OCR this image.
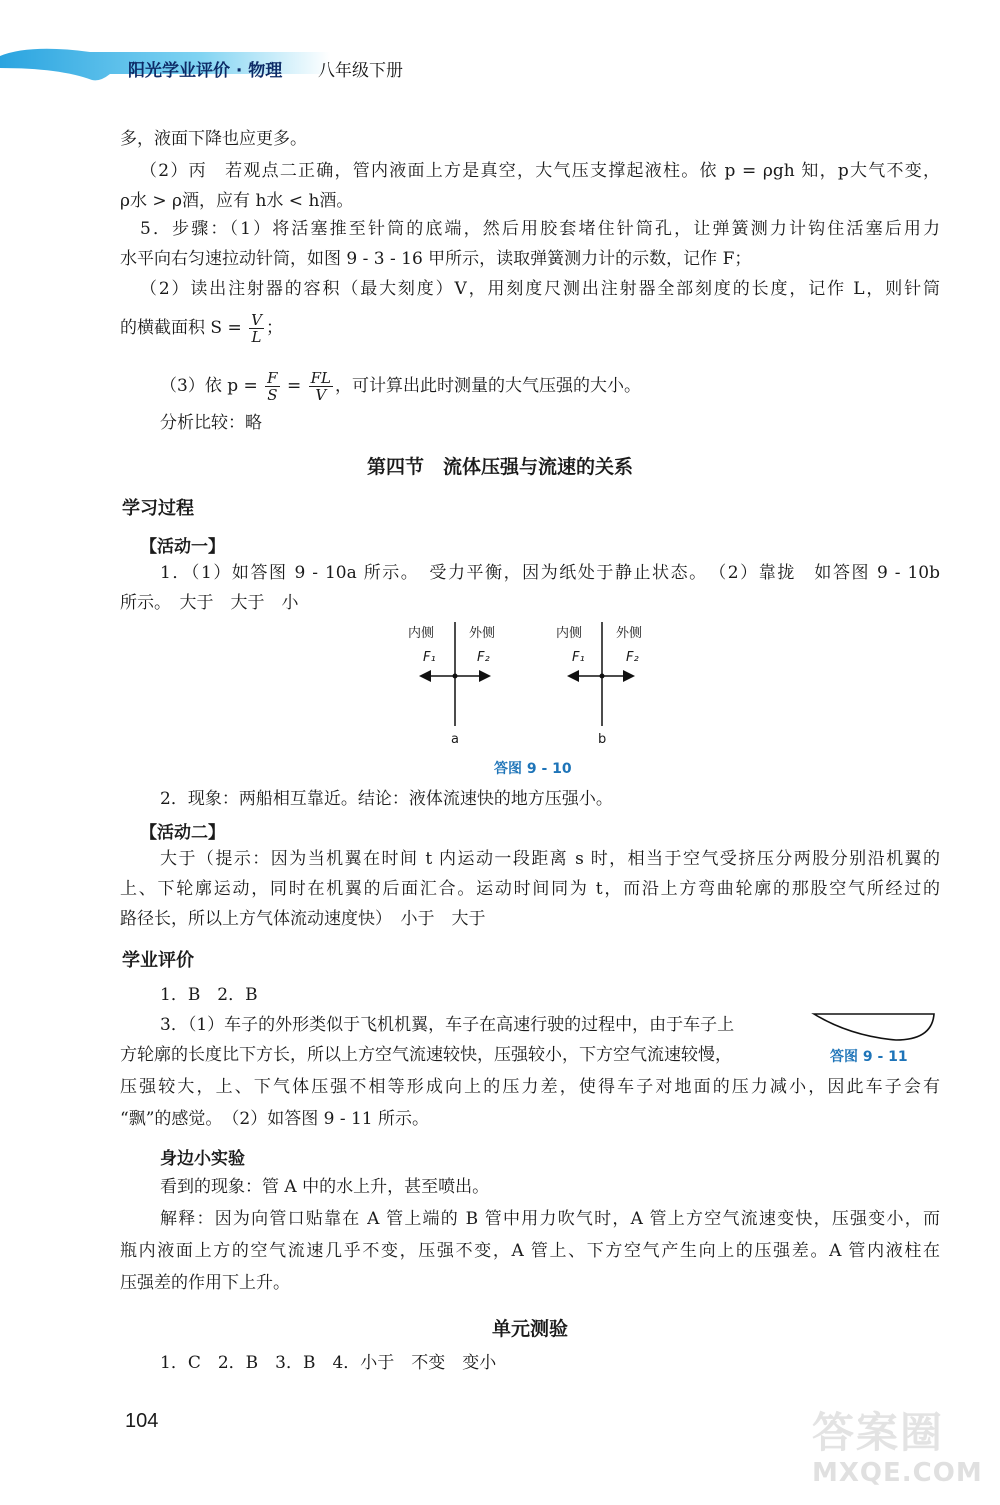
阳光学业评价 · 物理 八年级下册
多，液面下降也应更多。
（2）丙　若观点二正确，管内液面上方是真空，大气压支撑起液柱。依 p = ρgh 知，p大气不变，
ρ水 > ρ酒，应有 h水 < h酒。
5．步骤：（1）将活塞推至针筒的底端，然后用胶套堵住针筒孔，让弹簧测力计钩住活塞后用力
水平向右匀速拉动针筒，如图 9 - 3 - 16 甲所示，读取弹簧测力计的示数，记作 F；
（2）读出注射器的容积（最大刻度）V，用刻度尺测出注射器全部刻度的长度，记作 L，则针筒
的横截面积 $S = \frac{V}{L}$ ；
（3）依 $p = \frac{F}{S} = \frac{FL}{V}$ ，可计算出此时测量的大气压强的大小。
分析比较：略
第四节　流体压强与流速的关系
学习过程
【活动一】
1．（1）如答图 9 - 10a 所示。　受力平衡，因为纸处于静止状态。　（2）靠拢　如答图 9 - 10b
所示。　大于　大于　小
内侧	外侧
F₁	F₂
a
内侧	外侧
F₁	F₂
b
答图 9 - 10
2．现象：两船相互靠近。结论：液体流速快的地方压强小。
【活动二】
大于（提示：因为当机翼在时间 t 内运动一段距离 s 时，相当于空气受挤压分两股分别沿机翼的
上、下轮廓运动，同时在机翼的后面汇合。运动时间同为 t，而沿上方弯曲轮廓的那股空气所经过的
路径长，所以上方气体流动速度快）　小于　大于
学业评价
1．B　2．B
3．（1）车子的外形类似于飞机机翼，车子在高速行驶的过程中，由于车子上
方轮廓的长度比下方长，所以上方空气流速较快，压强较小，下方空气流速较慢，
压强较大，上、下气体压强不相等形成向上的压力差，使得车子对地面的压力减小，因此车子会有
“飘”的感觉。　（2）如答图 9 - 11 所示。
答图 9 - 11
身边小实验
看到的现象：管 A 中的水上升，甚至喷出。
解释：因为向管口贴靠在 A 管上端的 B 管中用力吹气时，A 管上方空气流速变快，压强变小，而
瓶内液面上方的空气流速几乎不变，压强不变，A 管上、下方空气产生向上的压强差。A 管内液柱在
压强差的作用下上升。
单元测验
1．C　2．B　3．B　4．小于　不变　变小
104	答案圈
MXQE.COM
